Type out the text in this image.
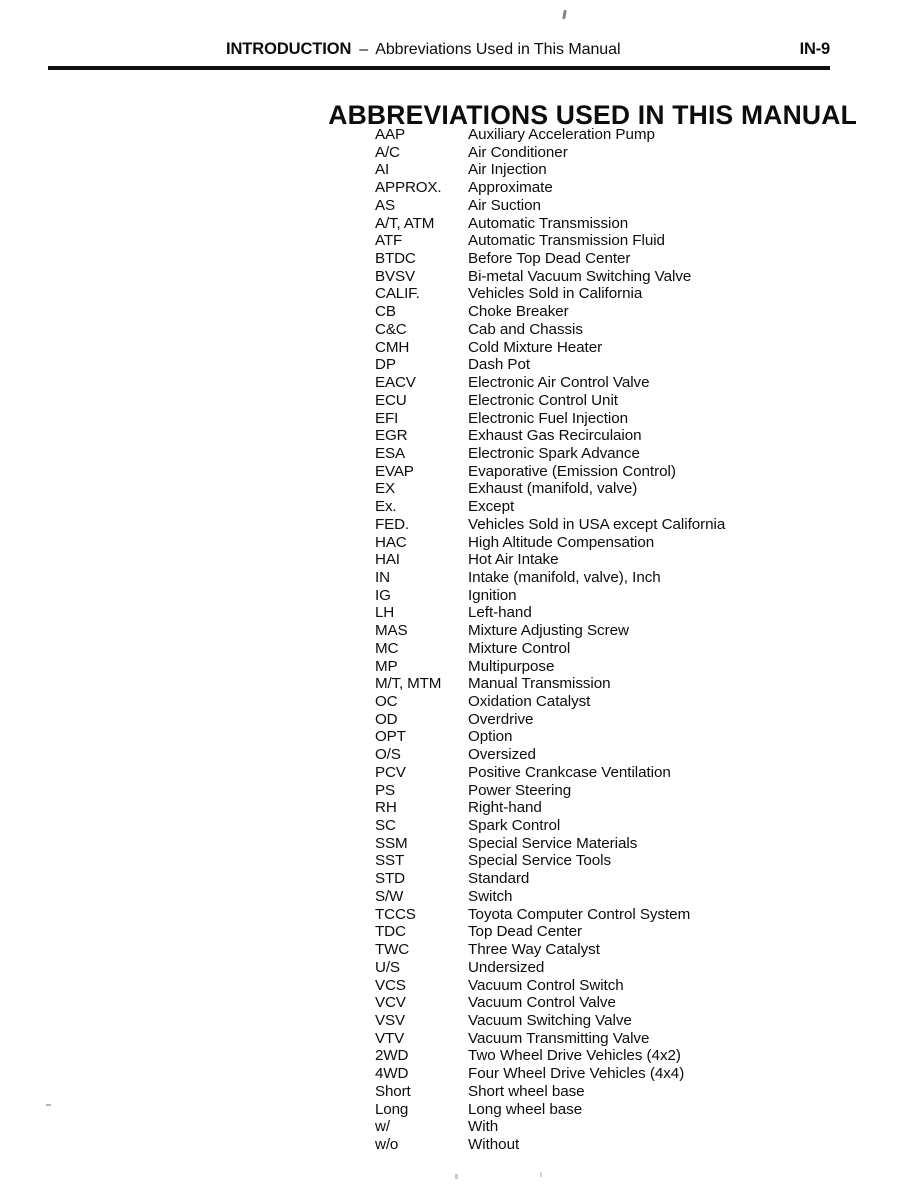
INTRODUCTION – Abbreviations Used in This Manual	IN-9
ABBREVIATIONS USED IN THIS MANUAL
AAP	Auxiliary Acceleration Pump
A/C	Air Conditioner
AI	Air Injection
APPROX.	Approximate
AS	Air Suction
A/T, ATM	Automatic Transmission
ATF	Automatic Transmission Fluid
BTDC	Before Top Dead Center
BVSV	Bi-metal Vacuum Switching Valve
CALIF.	Vehicles Sold in California
CB	Choke Breaker
C&C	Cab and Chassis
CMH	Cold Mixture Heater
DP	Dash Pot
EACV	Electronic Air Control Valve
ECU	Electronic Control Unit
EFI	Electronic Fuel Injection
EGR	Exhaust Gas Recirculaion
ESA	Electronic Spark Advance
EVAP	Evaporative (Emission Control)
EX	Exhaust (manifold, valve)
Ex.	Except
FED.	Vehicles Sold in USA except California
HAC	High Altitude Compensation
HAI	Hot Air Intake
IN	Intake (manifold, valve), Inch
IG	Ignition
LH	Left-hand
MAS	Mixture Adjusting Screw
MC	Mixture Control
MP	Multipurpose
M/T, MTM	Manual Transmission
OC	Oxidation Catalyst
OD	Overdrive
OPT	Option
O/S	Oversized
PCV	Positive Crankcase Ventilation
PS	Power Steering
RH	Right-hand
SC	Spark Control
SSM	Special Service Materials
SST	Special Service Tools
STD	Standard
S/W	Switch
TCCS	Toyota Computer Control System
TDC	Top Dead Center
TWC	Three Way Catalyst
U/S	Undersized
VCS	Vacuum Control Switch
VCV	Vacuum Control Valve
VSV	Vacuum Switching Valve
VTV	Vacuum Transmitting Valve
2WD	Two Wheel Drive Vehicles (4x2)
4WD	Four Wheel Drive Vehicles (4x4)
Short	Short wheel base
Long	Long wheel base
w/	With
w/o	Without
